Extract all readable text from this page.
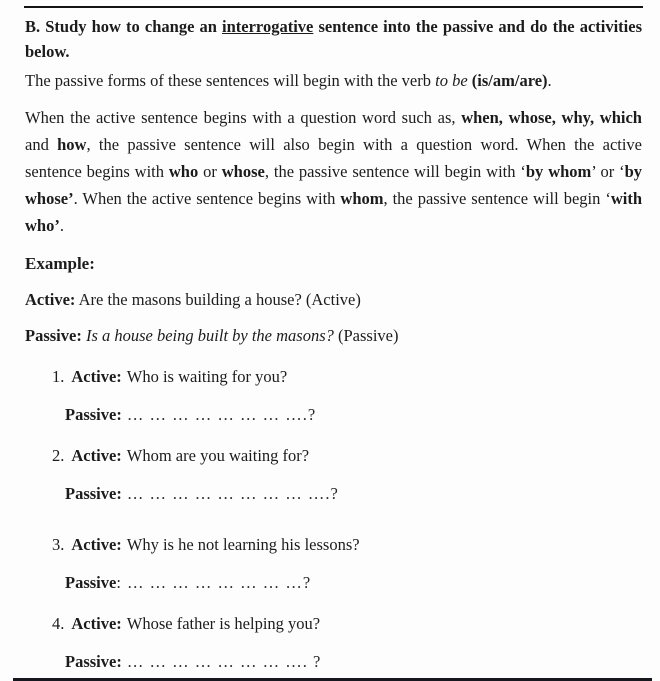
B. Study how to change an interrogative sentence into the passive and do the activities below.

The passive forms of these sentences will begin with the verb to be (is/am/are).

When the active sentence begins with a question word such as, when, whose, why, which and how, the passive sentence will also begin with a question word. When the active sentence begins with who or whose, the passive sentence will begin with ‘by whom’ or ‘by whose’. When the active sentence begins with whom, the passive sentence will begin ‘with who’.

Example:

Active: Are the masons building a house? (Active)

Passive: Is a house being built by the masons? (Passive)

1. Active: Who is waiting for you?

Passive: … … … … … … … ….?

2. Active: Whom are you waiting for?

Passive: … … … … … … … … ….?

3. Active: Why is he not learning his lessons?

Passive: … … … … … … … …?

4. Active: Whose father is helping you?

Passive: … … … … … … … …. ?
